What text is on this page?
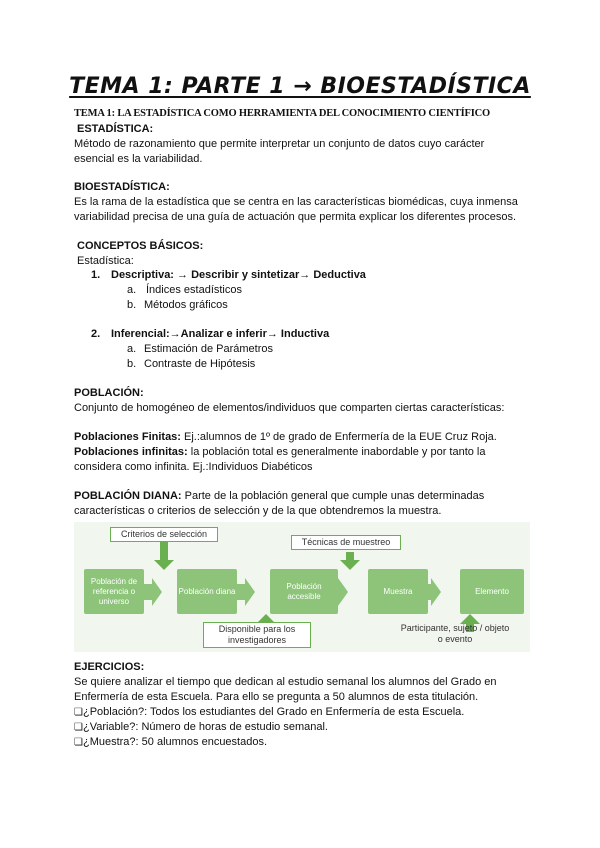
TEMA 1: PARTE 1 → BIOESTADÍSTICA
TEMA 1: LA ESTADÍSTICA COMO HERRAMIENTA DEL CONOCIMIENTO CIENTÍFICO
ESTADÍSTICA:
Método de razonamiento que permite interpretar un conjunto de datos cuyo carácter
esencial es la variabilidad.
BIOESTADÍSTICA:
Es la rama de la estadística que se centra en las características biomédicas, cuya inmensa
variabilidad precisa de una guía de actuación que permita explicar los diferentes procesos.
CONCEPTOS BÁSICOS:
Estadística:
1. Descriptiva: → Describir y sintetizar→ Deductiva
a. Índices estadísticos
b. Métodos gráficos
2. Inferencial:→Analizar e inferir→ Inductiva
a. Estimación de Parámetros
b. Contraste de Hipótesis
POBLACIÓN:
Conjunto de homogéneo de elementos/individuos que comparten ciertas características:
Poblaciones Finitas: Ej.:alumnos de 1º de grado de Enfermería de la EUE Cruz Roja.
Poblaciones infinitas: la población total es generalmente inabordable y por tanto la
considera como infinita. Ej.:Individuos Diabéticos
POBLACIÓN DIANA: Parte de la población general que cumple unas determinadas
características o criterios de selección y de la que obtendremos la muestra.
Población de referencia o universo
Población diana
Población accesible
Muestra	Elemento
Criterios de selección
Técnicas de muestreo
Disponible para los investigadores
Participante, sujeto / objeto o evento
EJERCICIOS:
Se quiere analizar el tiempo que dedican al estudio semanal los alumnos del Grado en
Enfermería de esta Escuela. Para ello se pregunta a 50 alumnos de esta titulación.
❏¿Población?: Todos los estudiantes del Grado en Enfermería de esta Escuela.
❏¿Variable?: Número de horas de estudio semanal.
❏¿Muestra?: 50 alumnos encuestados.
